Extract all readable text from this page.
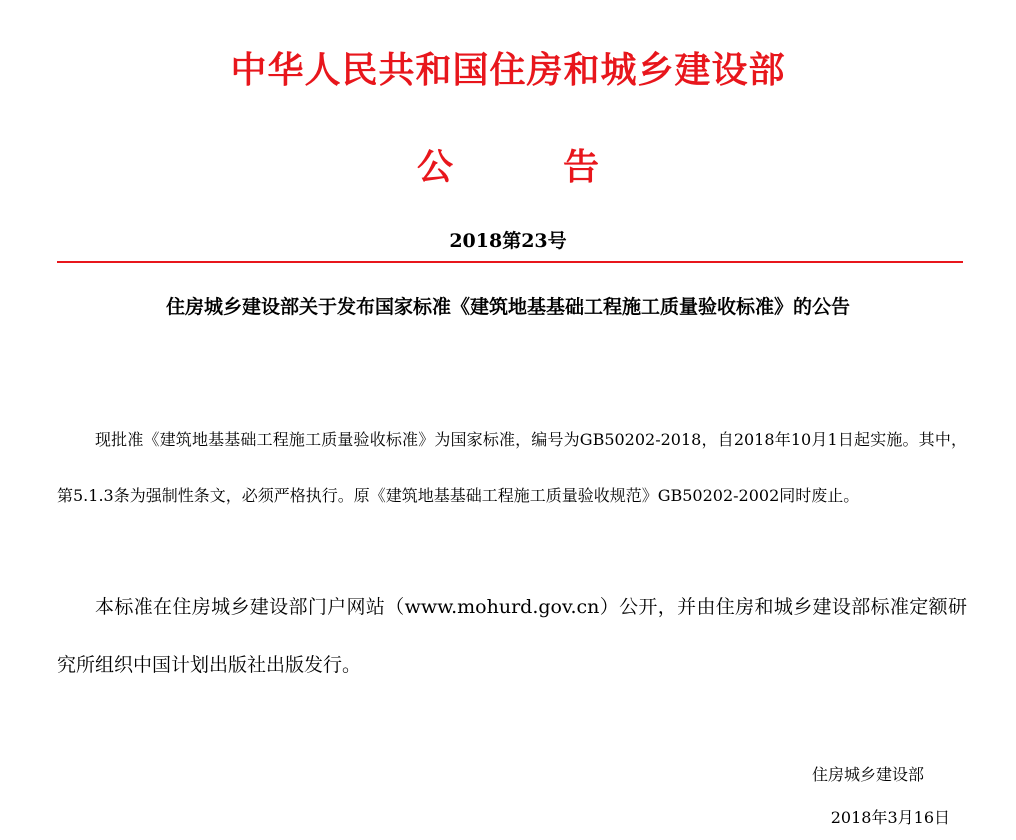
中华人民共和国住房和城乡建设部
公告
2018第23号
住房城乡建设部关于发布国家标准《建筑地基基础工程施工质量验收标准》的公告
现批准《建筑地基基础工程施工质量验收标准》为国家标准，编号为GB50202-2018，自2018年10月1日起实施。其中，第5.1.3条为强制性条文，必须严格执行。原《建筑地基基础工程施工质量验收规范》GB50202-2002同时废止。
本标准在住房城乡建设部门户网站（www.mohurd.gov.cn）公开，并由住房和城乡建设部标准定额研究所组织中国计划出版社出版发行。
住房城乡建设部
2018年3月16日
